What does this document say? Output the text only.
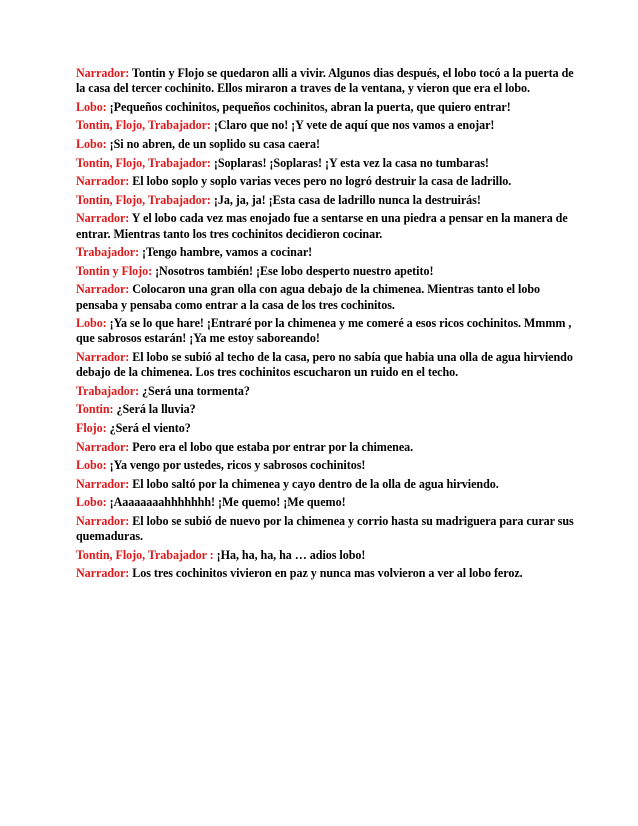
Narrador: Tontin y Flojo se quedaron alli a vivir. Algunos dias después, el lobo tocó a la puerta de la casa del tercer cochinito. Ellos miraron a traves de la ventana, y vieron que era el lobo.

Lobo: ¡Pequeños cochinitos, pequeños cochinitos, abran la puerta, que quiero entrar!

Tontin, Flojo, Trabajador: ¡Claro que no! ¡Y vete de aquí que nos vamos a enojar!

Lobo: ¡Si no abren, de un soplido su casa caera!

Tontin, Flojo, Trabajador: ¡Soplaras! ¡Soplaras! ¡Y esta vez la casa no tumbaras!

Narrador: El lobo soplo y soplo varias veces pero no logró destruir la casa de ladrillo.

Tontin, Flojo, Trabajador: ¡Ja, ja, ja! ¡Esta casa de ladrillo nunca la destruirás!

Narrador: Y el lobo cada vez mas enojado fue a sentarse en una piedra a pensar en la manera de entrar. Mientras tanto los tres cochinitos decidieron cocinar.

Trabajador: ¡Tengo hambre, vamos a cocinar!

Tontin y Flojo: ¡Nosotros también! ¡Ese lobo desperto nuestro apetito!

Narrador: Colocaron una gran olla con agua debajo de la chimenea. Mientras tanto el lobo pensaba y pensaba como entrar a la casa de los tres cochinitos.

Lobo: ¡Ya se lo que hare! ¡Entraré por la chimenea y me comeré a esos ricos cochinitos. Mmmm , que sabrosos estarán! ¡Ya me estoy saboreando!

Narrador: El lobo se subió al techo de la casa, pero no sabía que habia una olla de agua hirviendo debajo de la chimenea. Los tres cochinitos escucharon un ruido en el techo.

Trabajador: ¿Será una tormenta?

Tontin: ¿Será la lluvia?

Flojo: ¿Será el viento?

Narrador: Pero era el lobo que estaba por entrar por la chimenea.

Lobo: ¡Ya vengo por ustedes, ricos y sabrosos cochinitos!

Narrador: El lobo saltó por la chimenea y cayo dentro de la olla de agua hirviendo.

Lobo: ¡Aaaaaaaahhhhhhh! ¡Me quemo! ¡Me quemo!

Narrador: El lobo se subió de nuevo por la chimenea y corrio hasta su madriguera para curar sus quemaduras.

Tontin, Flojo, Trabajador : ¡Ha, ha, ha, ha … adios lobo!

Narrador: Los tres cochinitos vivieron en paz y nunca mas volvieron a ver al lobo feroz.
